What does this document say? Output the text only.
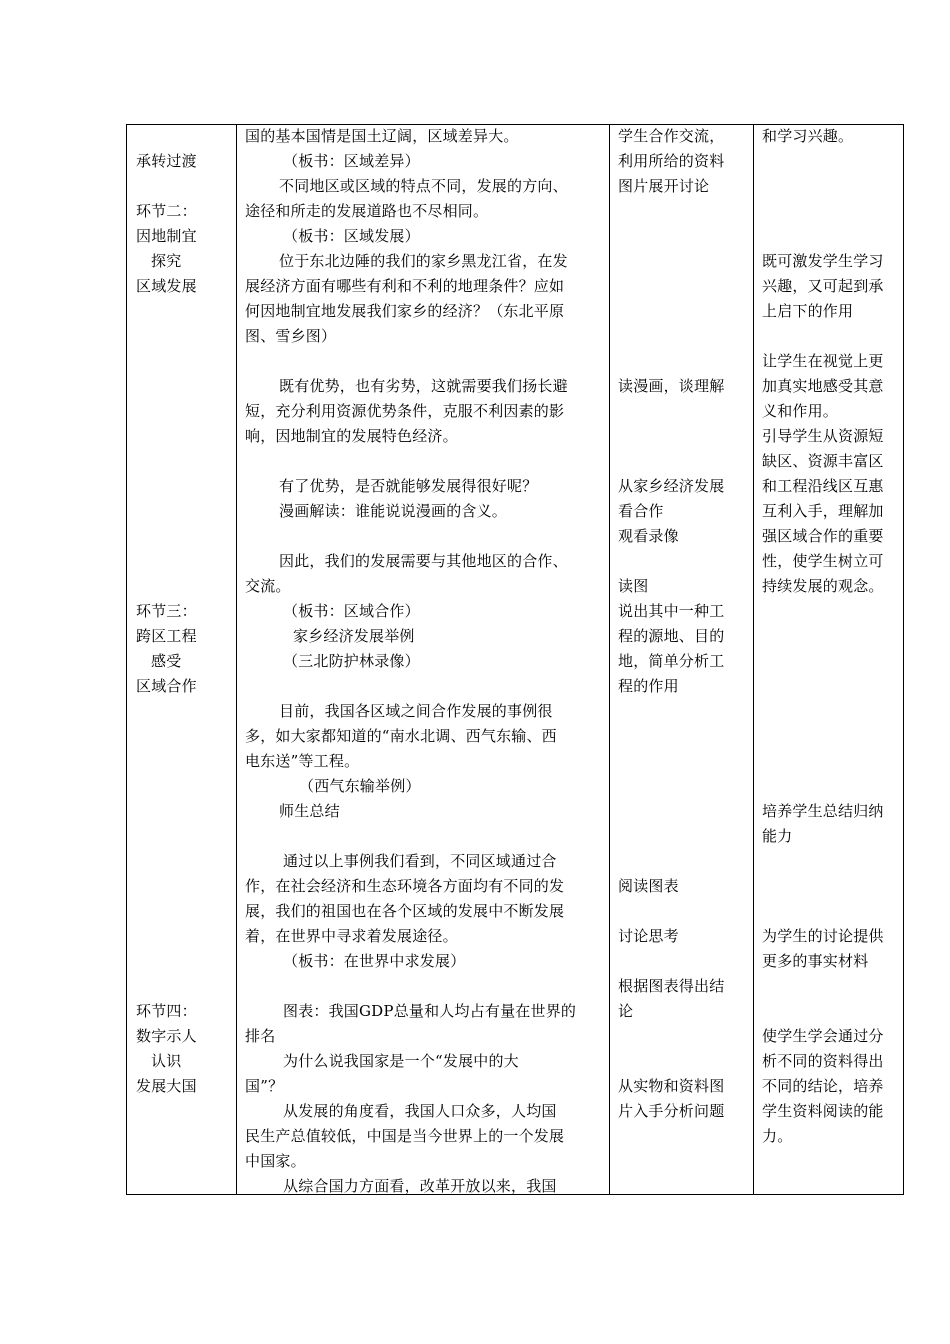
承转过渡
环节二：
因地制宜
探究
区域发展
环节三：
跨区工程
感受
区域合作
环节四：
数字示人
认识
发展大国
国的基本国情是国土辽阔，区域差异大。
（板书：区域差异）
不同地区或区域的特点不同，发展的方向、
途径和所走的发展道路也不尽相同。
（板书：区域发展）
位于东北边陲的我们的家乡黑龙江省，在发
展经济方面有哪些有利和不利的地理条件？应如
何因地制宜地发展我们家乡的经济？（东北平原
图、雪乡图）
既有优势，也有劣势，这就需要我们扬长避
短，充分利用资源优势条件，克服不利因素的影
响，因地制宜的发展特色经济。
有了优势，是否就能够发展得很好呢？
漫画解读：谁能说说漫画的含义。
因此，我们的发展需要与其他地区的合作、
交流。
（板书：区域合作）
家乡经济发展举例
（三北防护林录像）
目前，我国各区域之间合作发展的事例很
多，如大家都知道的“南水北调、西气东输、西
电东送”等工程。
（西气东输举例）
师生总结
通过以上事例我们看到，不同区域通过合
作，在社会经济和生态环境各方面均有不同的发
展，我们的祖国也在各个区域的发展中不断发展
着，在世界中寻求着发展途径。
（板书：在世界中求发展）
图表：我国GDP总量和人均占有量在世界的
排名
为什么说我国家是一个“发展中的大
国”？
从发展的角度看，我国人口众多，人均国
民生产总值较低，中国是当今世界上的一个发展
中国家。
从综合国力方面看，改革开放以来，我国
学生合作交流，
利用所给的资料
图片展开讨论
读漫画，谈理解
从家乡经济发展
看合作
观看录像
读图
说出其中一种工
程的源地、目的
地，简单分析工
程的作用
阅读图表
讨论思考
根据图表得出结
论
从实物和资料图
片入手分析问题
和学习兴趣。
既可激发学生学习
兴趣，又可起到承
上启下的作用
让学生在视觉上更
加真实地感受其意
义和作用。
引导学生从资源短
缺区、资源丰富区
和工程沿线区互惠
互利入手，理解加
强区域合作的重要
性，使学生树立可
持续发展的观念。
培养学生总结归纳
能力
为学生的讨论提供
更多的事实材料
使学生学会通过分
析不同的资料得出
不同的结论，培养
学生资料阅读的能
力。
